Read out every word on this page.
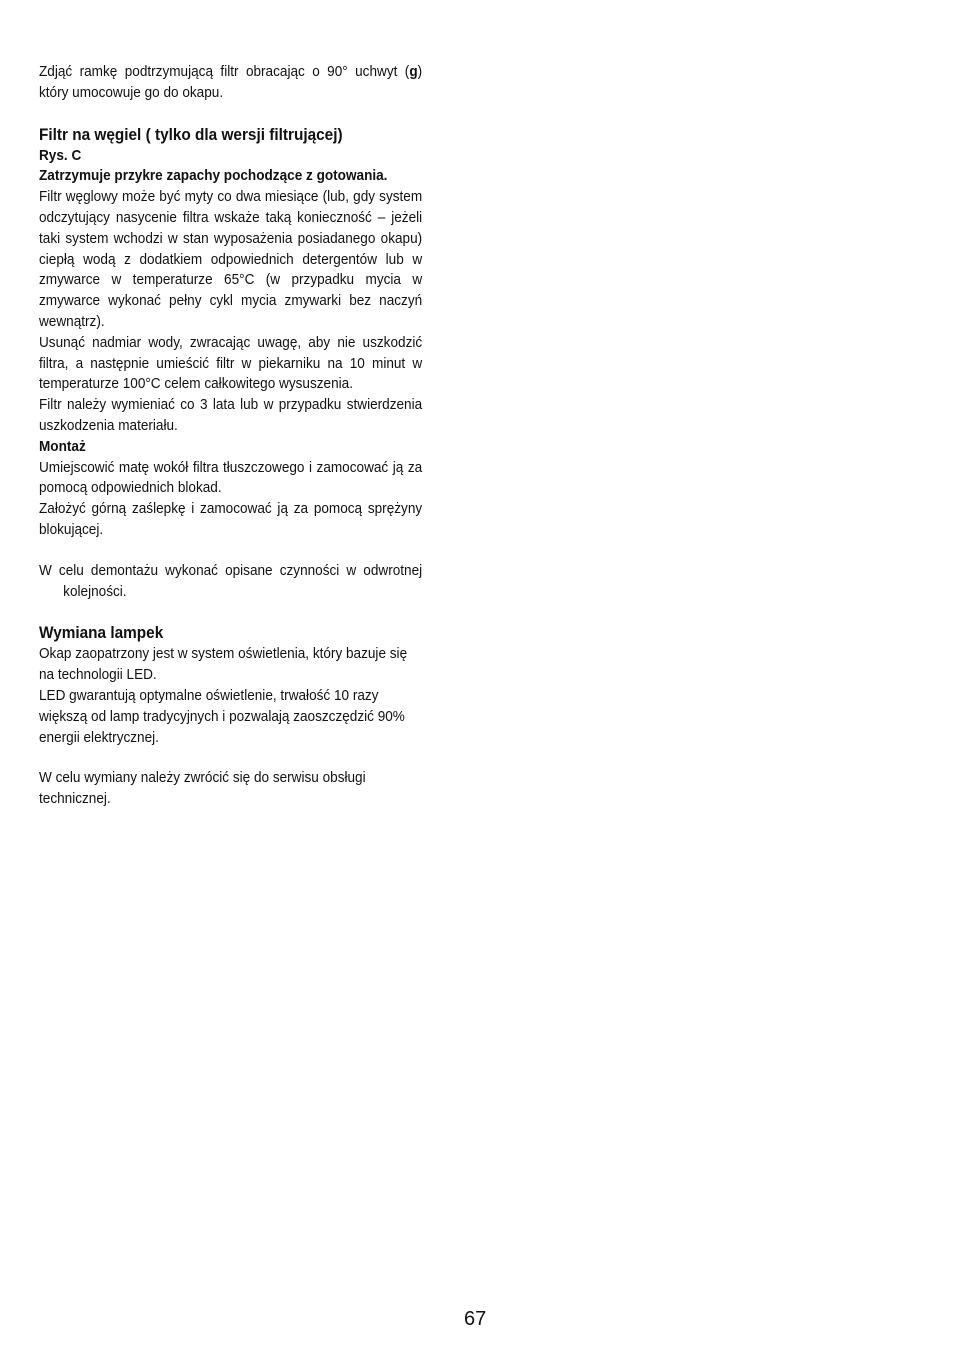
Zdjąć ramkę podtrzymującą filtr obracając o 90° uchwyt (g) który umocowuje go do okapu.

Filtr na węgiel ( tylko dla wersji filtrującej)

Rys. C

Zatrzymuje przykre zapachy pochodzące z gotowania.

Filtr węglowy może być myty co dwa miesiące (lub, gdy system odczytujący nasycenie filtra wskaże taką konieczność – jeżeli taki system wchodzi w stan wyposażenia posiadanego okapu) ciepłą wodą z dodatkiem odpowiednich detergentów lub w zmywarce w temperaturze 65°C (w przypadku mycia w zmywarce wykonać pełny cykl mycia zmywarki bez naczyń wewnątrz).

Usunąć nadmiar wody, zwracając uwagę, aby nie uszkodzić filtra, a następnie umieścić filtr w piekarniku na 10 minut w temperaturze 100°C celem całkowitego wysuszenia.

Filtr należy wymieniać co 3 lata lub w przypadku stwierdzenia uszkodzenia materiału.

Montaż

Umiejscowić matę wokół filtra tłuszczowego i zamocować ją za pomocą odpowiednich blokad.

Założyć górną zaślepkę i zamocować ją za pomocą sprężyny blokującej.

W celu demontażu wykonać opisane czynności w odwrotnej kolejności.

Wymiana lampek

Okap zaopatrzony jest w system oświetlenia, który bazuje się na technologii LED.

LED gwarantują optymalne oświetlenie, trwałość 10 razy większą od lamp tradycyjnych i pozwalają zaoszczędzić 90% energii elektrycznej.

W celu wymiany należy zwrócić się do serwisu obsługi technicznej.

67
